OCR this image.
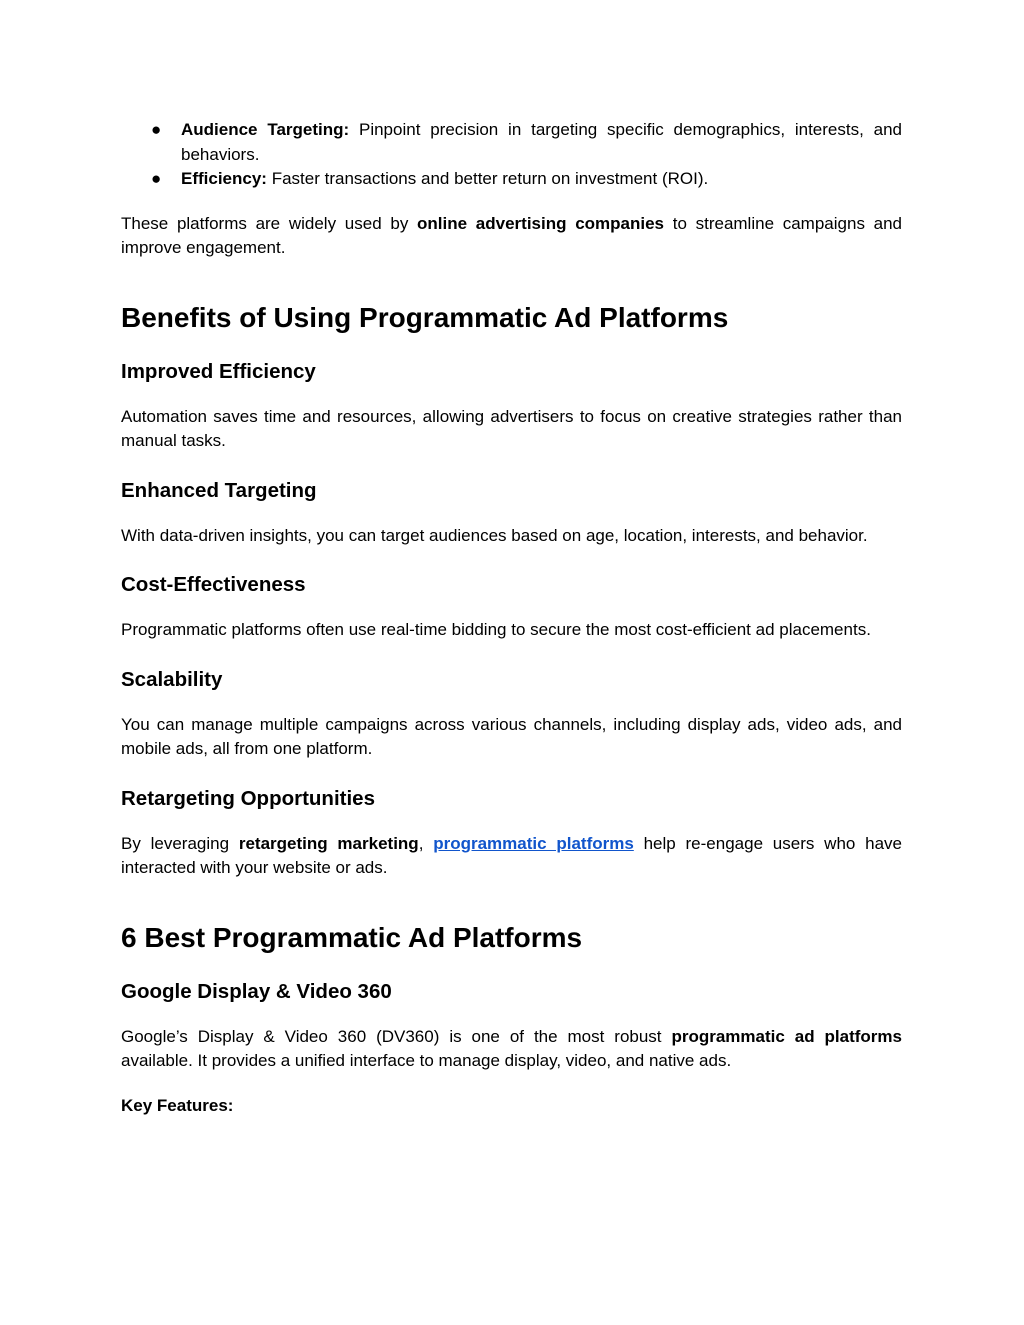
● Audience Targeting: Pinpoint precision in targeting specific demographics, interests, and behaviors.
● Efficiency: Faster transactions and better return on investment (ROI).

These platforms are widely used by online advertising companies to streamline campaigns and improve engagement.

Benefits of Using Programmatic Ad Platforms
Improved Efficiency

Automation saves time and resources, allowing advertisers to focus on creative strategies rather than manual tasks.

Enhanced Targeting

With data-driven insights, you can target audiences based on age, location, interests, and behavior.

Cost-Effectiveness

Programmatic platforms often use real-time bidding to secure the most cost-efficient ad placements.

Scalability

You can manage multiple campaigns across various channels, including display ads, video ads, and mobile ads, all from one platform.

Retargeting Opportunities

By leveraging retargeting marketing, programmatic platforms help re-engage users who have interacted with your website or ads.

6 Best Programmatic Ad Platforms
Google Display & Video 360

Google’s Display & Video 360 (DV360) is one of the most robust programmatic ad platforms available. It provides a unified interface to manage display, video, and native ads.

Key Features:
